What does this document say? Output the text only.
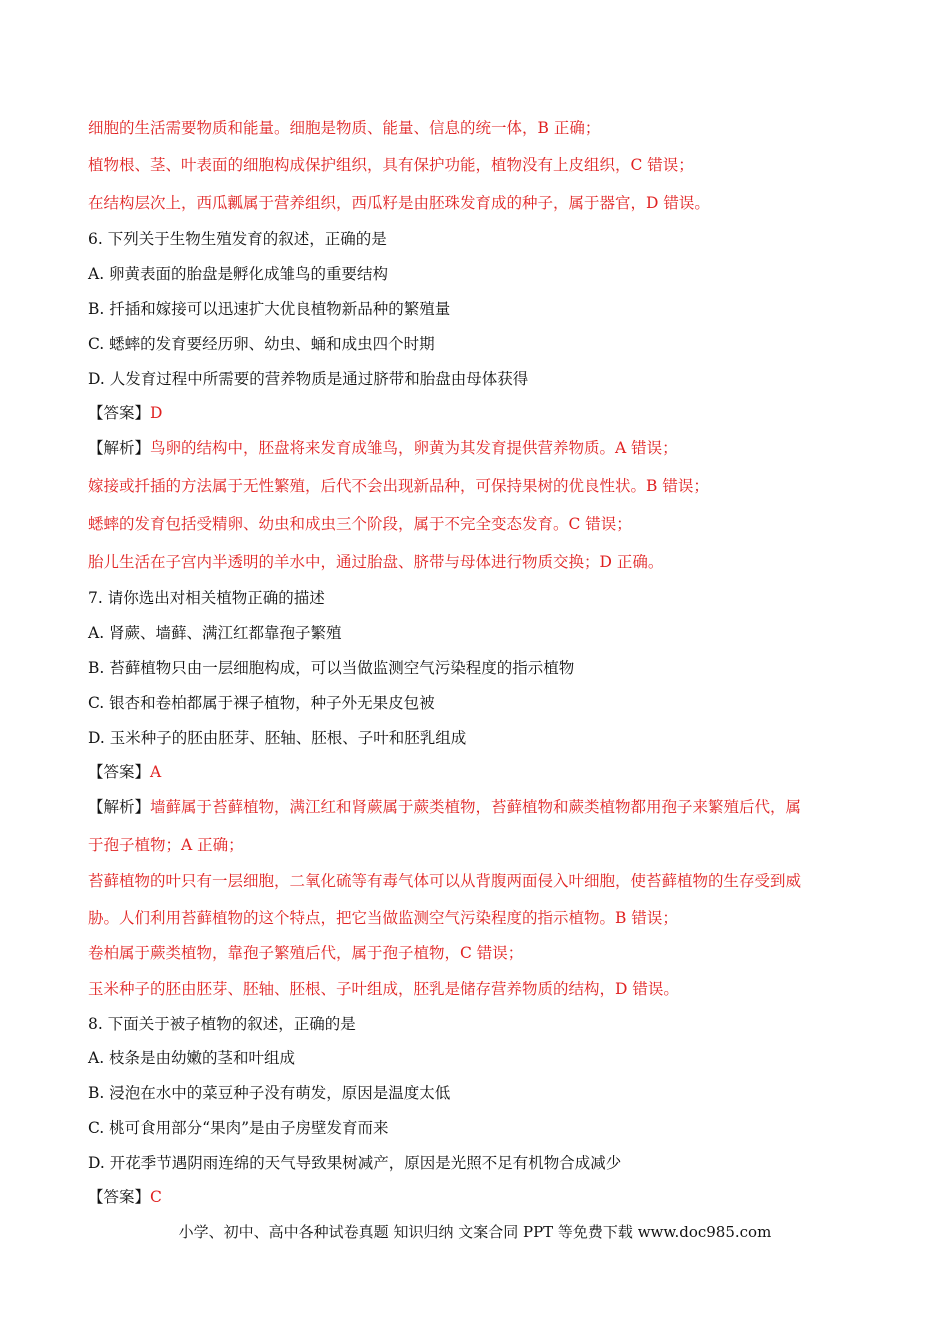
细胞的生活需要物质和能量。细胞是物质、能量、信息的统一体，B 正确；
植物根、茎、叶表面的细胞构成保护组织，具有保护功能，植物没有上皮组织，C 错误；
在结构层次上，西瓜瓤属于营养组织，西瓜籽是由胚珠发育成的种子，属于器官，D 错误。
6. 下列关于生物生殖发育的叙述，正确的是
A. 卵黄表面的胎盘是孵化成雏鸟的重要结构
B. 扦插和嫁接可以迅速扩大优良植物新品种的繁殖量
C. 蟋蟀的发育要经历卵、幼虫、蛹和成虫四个时期
D. 人发育过程中所需要的营养物质是通过脐带和胎盘由母体获得
【答案】D
【解析】鸟卵的结构中，胚盘将来发育成雏鸟，卵黄为其发育提供营养物质。A 错误；
嫁接或扦插的方法属于无性繁殖，后代不会出现新品种，可保持果树的优良性状。B 错误；
蟋蟀的发育包括受精卵、幼虫和成虫三个阶段，属于不完全变态发育。C 错误；
胎儿生活在子宫内半透明的羊水中，通过胎盘、脐带与母体进行物质交换；D 正确。
7. 请你选出对相关植物正确的描述
A. 肾蕨、墙藓、满江红都靠孢子繁殖
B. 苔藓植物只由一层细胞构成，可以当做监测空气污染程度的指示植物
C. 银杏和卷柏都属于裸子植物，种子外无果皮包被
D. 玉米种子的胚由胚芽、胚轴、胚根、子叶和胚乳组成
【答案】A
【解析】墙藓属于苔藓植物，满江红和肾蕨属于蕨类植物，苔藓植物和蕨类植物都用孢子来繁殖后代，属
于孢子植物；A 正确；
苔藓植物的叶只有一层细胞，二氧化硫等有毒气体可以从背腹两面侵入叶细胞，使苔藓植物的生存受到威
胁。人们利用苔藓植物的这个特点，把它当做监测空气污染程度的指示植物。B 错误；
卷柏属于蕨类植物，靠孢子繁殖后代，属于孢子植物，C 错误；
玉米种子的胚由胚芽、胚轴、胚根、子叶组成，胚乳是储存营养物质的结构，D 错误。
8. 下面关于被子植物的叙述，正确的是
A. 枝条是由幼嫩的茎和叶组成
B. 浸泡在水中的菜豆种子没有萌发，原因是温度太低
C. 桃可食用部分“果肉”是由子房壁发育而来
D. 开花季节遇阴雨连绵的天气导致果树减产，原因是光照不足有机物合成减少
【答案】C
小学、初中、高中各种试卷真题 知识归纳 文案合同 PPT 等免费下载 www.doc985.com
